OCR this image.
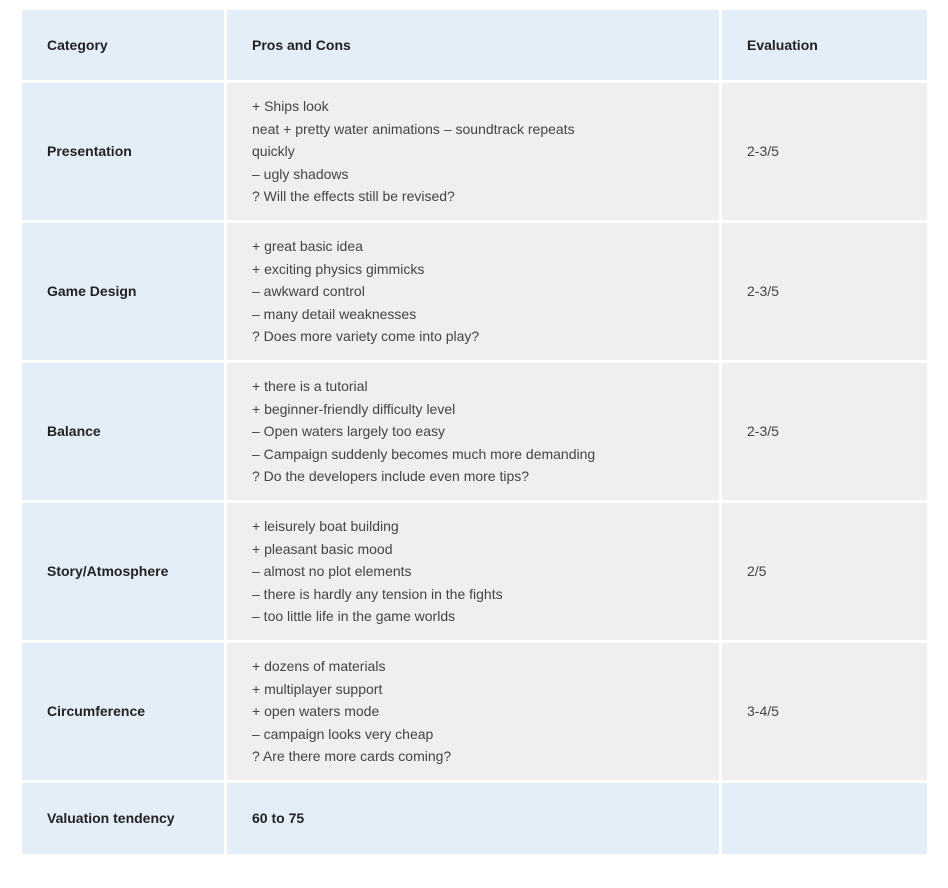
Category	Pros and Cons	Evaluation
Presentation	+ Ships look
neat + pretty water animations – soundtrack repeats
quickly
– ugly shadows
? Will the effects still be revised?	2-3/5
Game Design	+ great basic idea
+ exciting physics gimmicks
– awkward control
– many detail weaknesses
? Does more variety come into play?	2-3/5
Balance	+ there is a tutorial
+ beginner-friendly difficulty level
– Open waters largely too easy
– Campaign suddenly becomes much more demanding
? Do the developers include even more tips?	2-3/5
Story/Atmosphere	+ leisurely boat building
+ pleasant basic mood
– almost no plot elements
– there is hardly any tension in the fights
– too little life in the game worlds	2/5
Circumference	+ dozens of materials
+ multiplayer support
+ open waters mode
– campaign looks very cheap
? Are there more cards coming?	3-4/5
Valuation tendency	60 to 75	
